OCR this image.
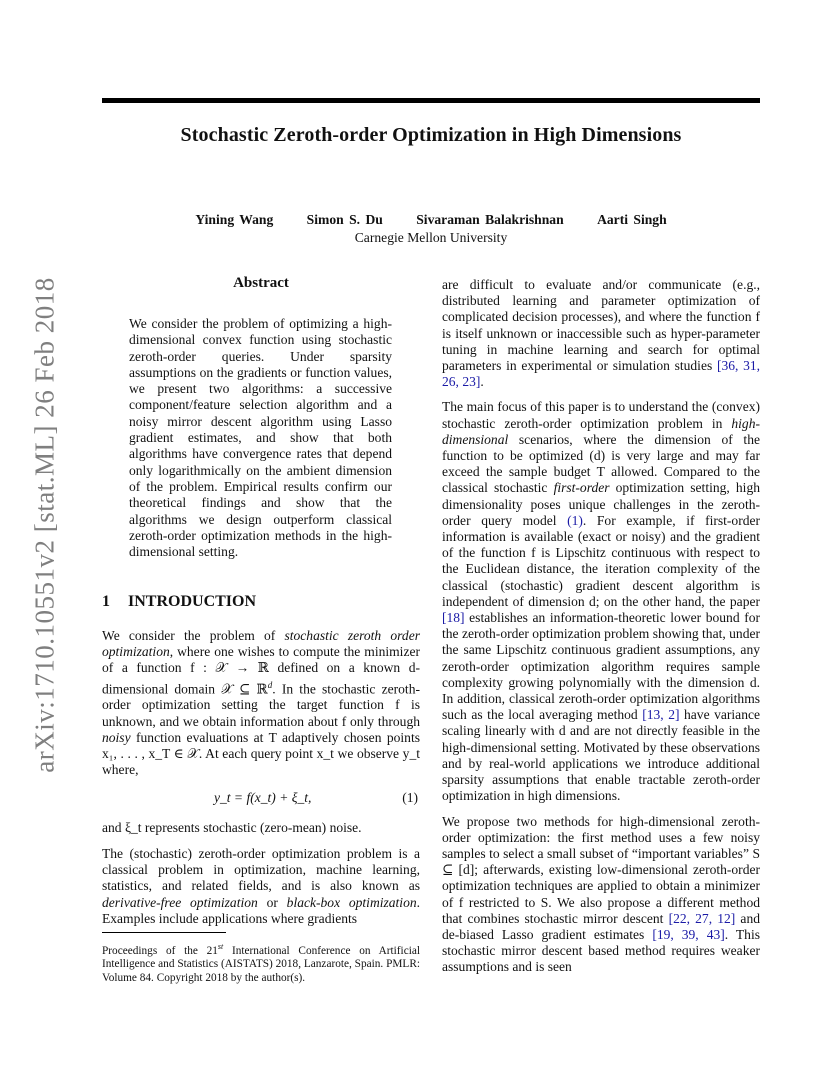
Stochastic Zeroth-order Optimization in High Dimensions
Yining Wang Simon S. Du Sivaraman Balakrishnan Aarti Singh
Carnegie Mellon University
arXiv:1710.10551v2 [stat.ML] 26 Feb 2018	Abstract
We consider the problem of optimizing a high-dimensional convex function using stochastic zeroth-order queries. Under sparsity assumptions on the gradients or function values, we present two algorithms: a successive component/feature selection algorithm and a noisy mirror descent algorithm using Lasso gradient estimates, and show that both algorithms have convergence rates that depend only logarithmically on the ambient dimension of the problem. Empirical results confirm our theoretical findings and show that the algorithms we design outperform classical zeroth-order optimization methods in the high-dimensional setting.
1 INTRODUCTION

We consider the problem of stochastic zeroth order optimization, where one wishes to compute the minimizer of a function f : 𝒳 → ℝ defined on a known d-dimensional domain 𝒳 ⊆ ℝ$^d$. In the stochastic zeroth-order optimization setting the target function f is unknown, and we obtain information about f only through noisy function evaluations at T adaptively chosen points x₁, . . . , x_T ∈ 𝒳. At each query point x_t we observe y_t where,

y_t = f(x_t) + ξ_t,	(1)

and ξ_t represents stochastic (zero-mean) noise.

The (stochastic) zeroth-order optimization problem is a classical problem in optimization, machine learning, statistics, and related fields, and is also known as derivative-free optimization or black-box optimization. Examples include applications where gradients

Proceedings of the 21st International Conference on Artificial Intelligence and Statistics (AISTATS) 2018, Lanzarote, Spain. PMLR: Volume 84. Copyright 2018 by the author(s).

are difficult to evaluate and/or communicate (e.g., distributed learning and parameter optimization of complicated decision processes), and where the function f is itself unknown or inaccessible such as hyper-parameter tuning in machine learning and search for optimal parameters in experimental or simulation studies [36, 31, 26, 23].

The main focus of this paper is to understand the (convex) stochastic zeroth-order optimization problem in high-dimensional scenarios, where the dimension of the function to be optimized (d) is very large and may far exceed the sample budget T allowed. Compared to the classical stochastic first-order optimization setting, high dimensionality poses unique challenges in the zeroth-order query model (1). For example, if first-order information is available (exact or noisy) and the gradient of the function f is Lipschitz continuous with respect to the Euclidean distance, the iteration complexity of the classical (stochastic) gradient descent algorithm is independent of dimension d; on the other hand, the paper [18] establishes an information-theoretic lower bound for the zeroth-order optimization problem showing that, under the same Lipschitz continuous gradient assumptions, any zeroth-order optimization algorithm requires sample complexity growing polynomially with the dimension d. In addition, classical zeroth-order optimization algorithms such as the local averaging method [13, 2] have variance scaling linearly with d and are not directly feasible in the high-dimensional setting. Motivated by these observations and by real-world applications we introduce additional sparsity assumptions that enable tractable zeroth-order optimization in high dimensions.

We propose two methods for high-dimensional zeroth-order optimization: the first method uses a few noisy samples to select a small subset of “important variables” S ⊆ [d]; afterwards, existing low-dimensional zeroth-order optimization techniques are applied to obtain a minimizer of f restricted to S. We also propose a different method that combines stochastic mirror descent [22, 27, 12] and de-biased Lasso gradient estimates [19, 39, 43]. This stochastic mirror descent based method requires weaker assumptions and is seen
